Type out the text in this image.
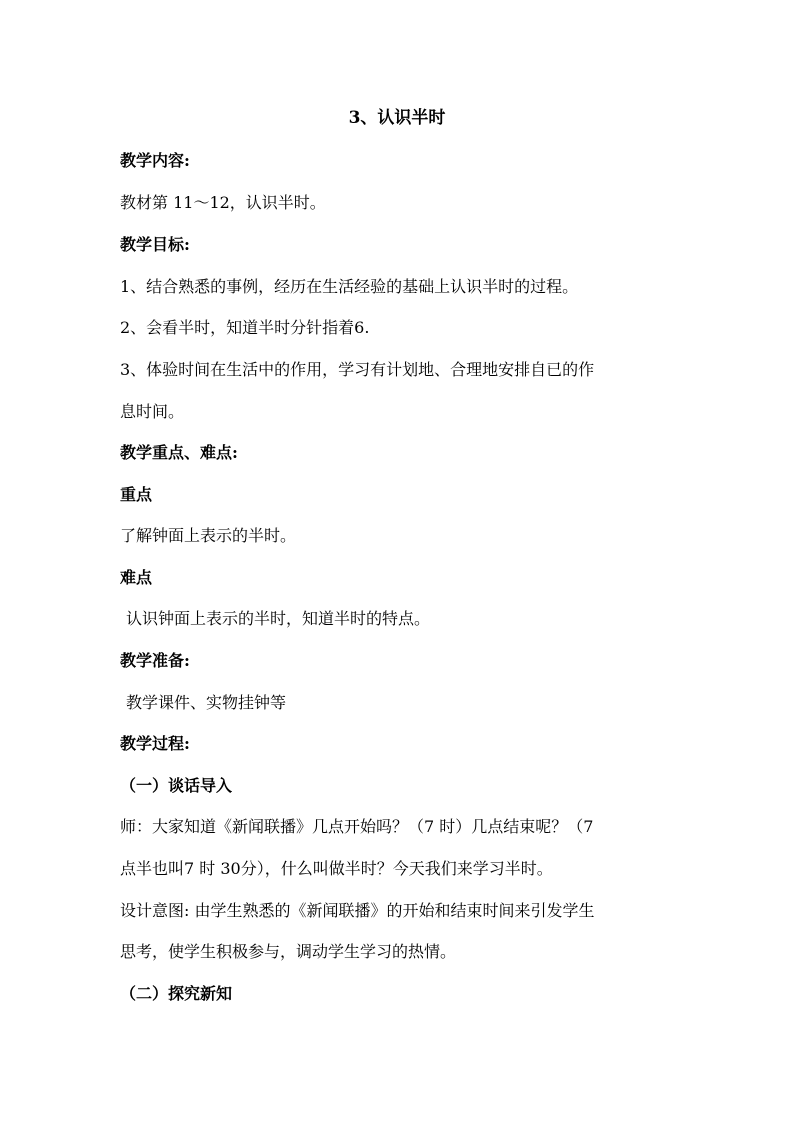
3、认识半时
教学内容:
教材第 11～12，认识半时。
教学目标:
1、结合熟悉的事例，经历在生活经验的基础上认识半时的过程。
2、会看半时，知道半时分针指着6.
3、体验时间在生活中的作用，学习有计划地、合理地安排自已的作
息时间。
教学重点、难点:
重点
了解钟面上表示的半时。
难点
认识钟面上表示的半时，知道半时的特点。
教学准备:
教学课件、实物挂钟等
教学过程:
（一）谈话导入
师：大家知道《新闻联播》几点开始吗？（7 时）几点结束呢？（7
点半也叫7 时 30分），什么叫做半时？今天我们来学习半时。
设计意图: 由学生熟悉的《新闻联播》的开始和结束时间来引发学生
思考，使学生积极参与，调动学生学习的热情。
（二）探究新知
